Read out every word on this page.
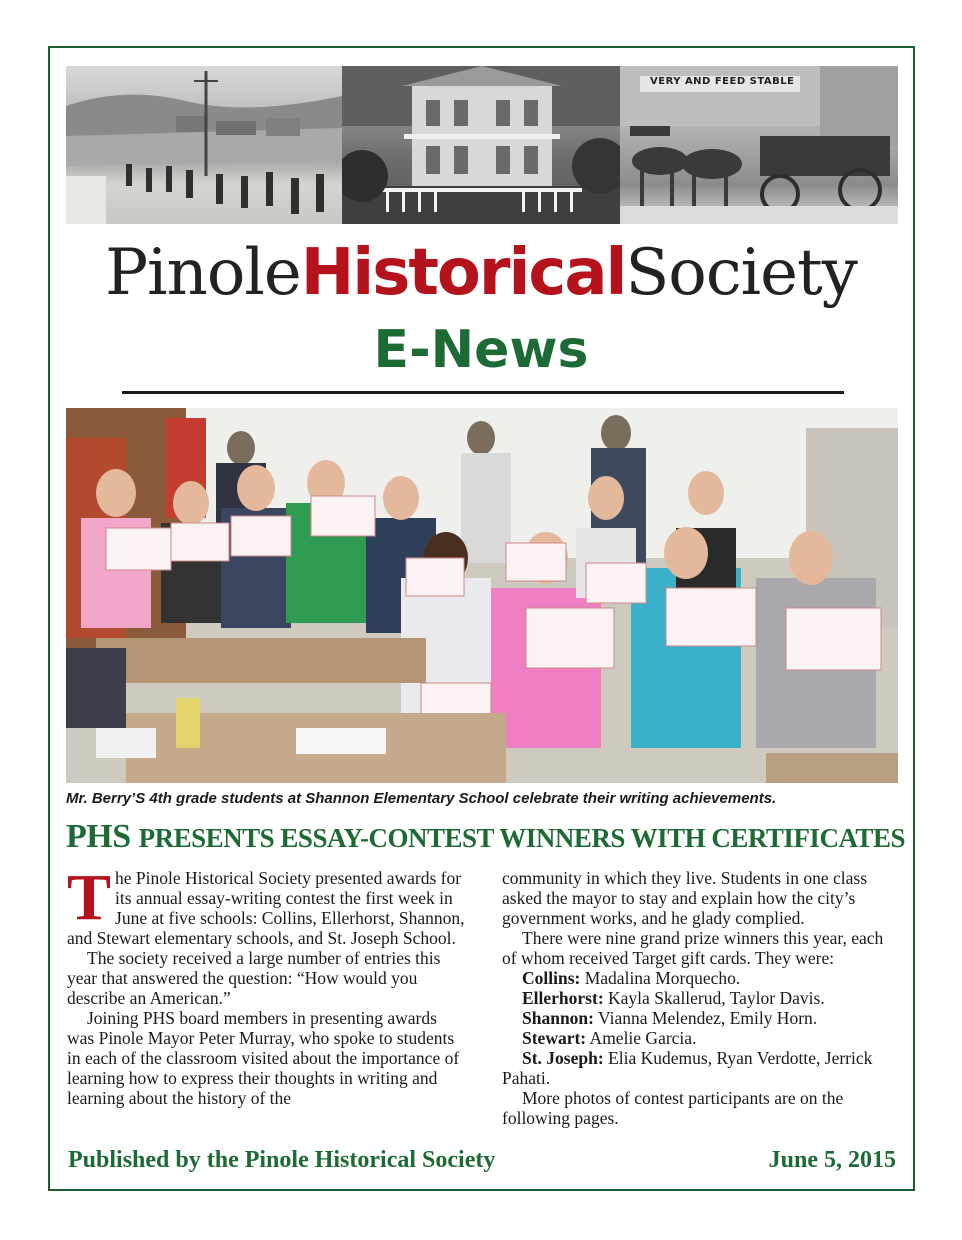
VERY AND FEED STABLE
PinoleHistoricalSociety
E-News
Mr. Berry’S 4th grade students at Shannon Elementary School celebrate their writing achievements.
PHS PRESENTS ESSAY-CONTEST WINNERS WITH CERTIFICATES

The Pinole Historical Society presented awards for its annual essay-writing contest the first week in June at five schools: Collins, Ellerhorst, Shannon, and Stewart elementary schools, and St. Joseph School.

The society received a large number of entries this year that answered the question: “How would you describe an American.”

Joining PHS board members in presenting awards was Pinole Mayor Peter Murray, who spoke to students in each of the classroom visited about the importance of learning how to express their thoughts in writing and learning about the history of the

community in which they live. Students in one class asked the mayor to stay and explain how the city’s government works, and he glady complied.

There were nine grand prize winners this year, each of whom received Target gift cards. They were:

Collins: Madalina Morquecho.
Ellerhorst: Kayla Skallerud, Taylor Davis.
Shannon: Vianna Melendez, Emily Horn.
Stewart: Amelie Garcia.
St. Joseph: Elia Kudemus, Ryan Verdotte, Jerrick Pahati.

More photos of contest participants are on the following pages.

Published by the Pinole Historical Society	June 5, 2015
